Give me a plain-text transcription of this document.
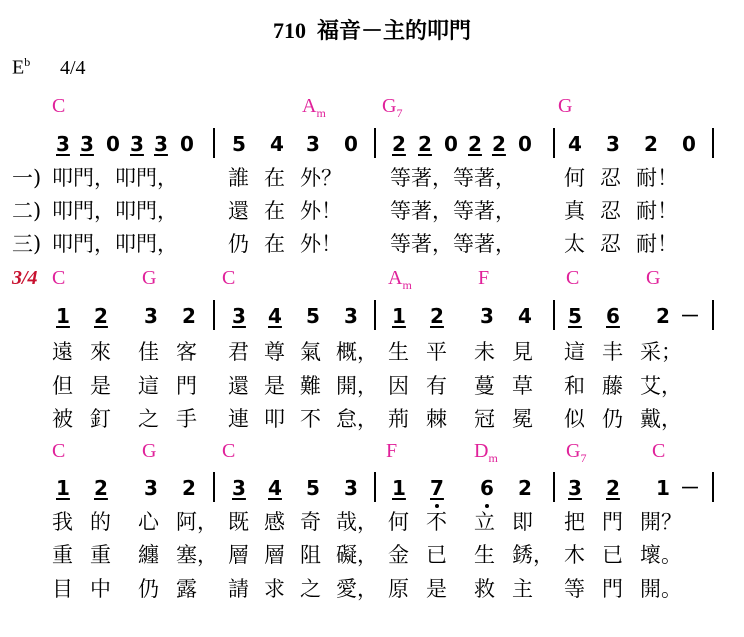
710  福音－主的叩門
$E^b$ 4/4
3/4
C	$A_m$	$G_7$	G
3 3 0 3 3 0 5 4 3 0 2 2 0 2 2 0 4 3 2 0
一) 叩門，叩門， 誰 在 外？ 等著，等著， 何 忍 耐！
二) 叩門，叩門， 還 在 外！ 等著，等著， 真 忍 耐！
三) 叩門，叩門， 仍 在 外！ 等著，等著， 太 忍 耐！
C	G	C	$A_m$	F	C	G
1 2 3 2 3 4 5 3 1 2 3 4 5 6 2 －
遠 來 佳 客 君 尊 氣 概， 生 平 未 見 這 丰 采；
但 是 這 門 還 是 難 開， 因 有 蔓 草 和 藤 艾，
被 釘 之 手 連 叩 不 怠， 荊 棘 冠 冕 似 仍 戴，
C	G	C	F	$D_m$	$G_7$	C
1 2 3 2 3 4 5 3 1 7 6 2 3 2 1 －
我 的 心 阿， 既 感 奇 哉， 何 不 立 即 把 門 開？
重 重 纏 塞， 層 層 阻 礙， 金 已 生 銹， 木 已 壞。
目 中 仍 露 請 求 之 愛， 原 是 救 主 等 門 開。
